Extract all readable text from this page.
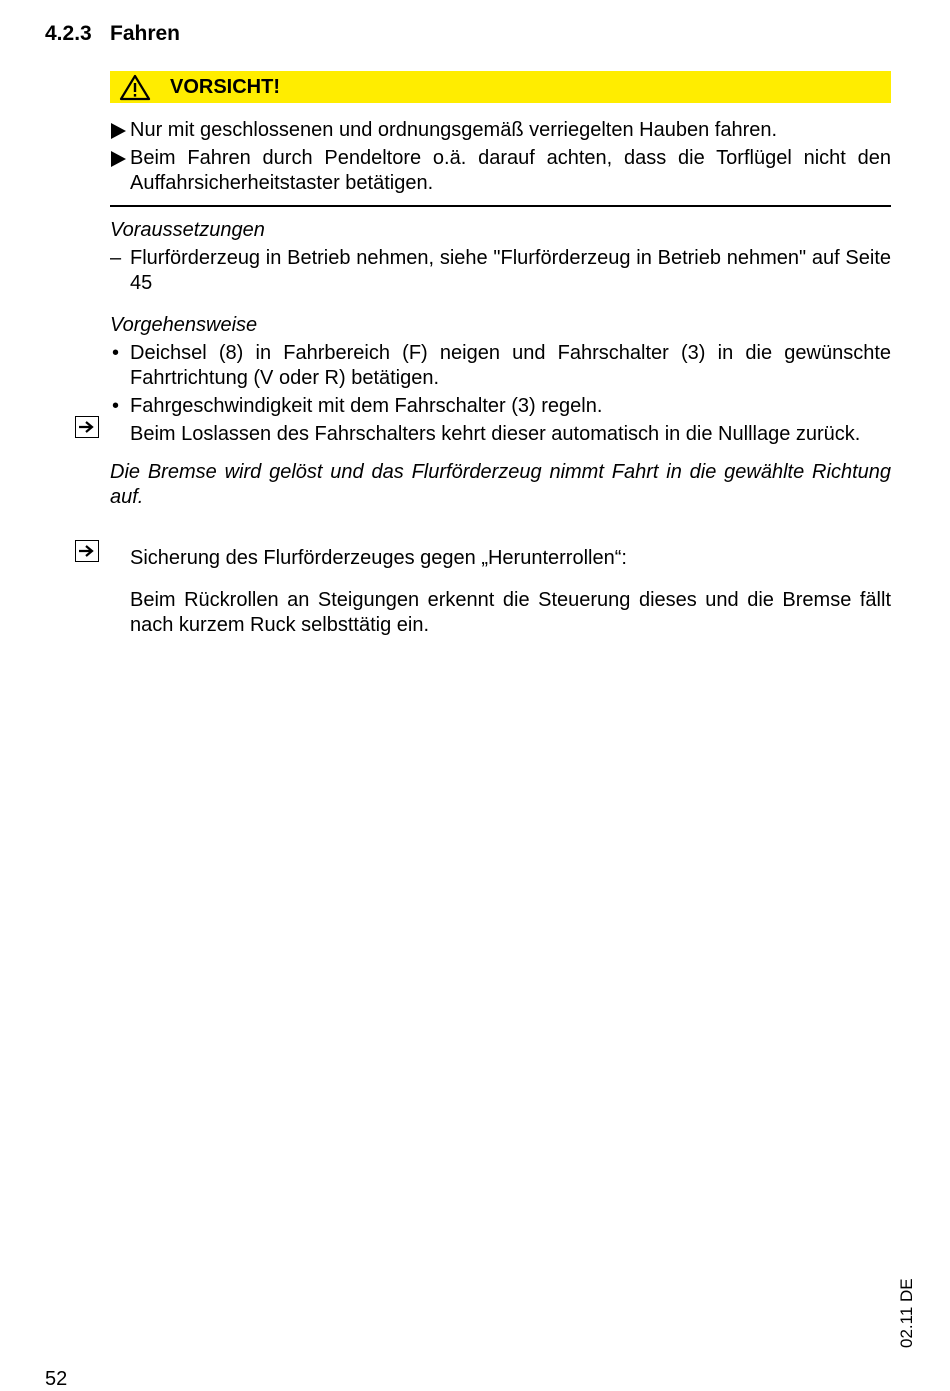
4.2.3 Fahren
VORSICHT!
Nur mit geschlossenen und ordnungsgemäß verriegelten Hauben fahren.
Beim Fahren durch Pendeltore o.ä. darauf achten, dass die Torflügel nicht den Auffahrsicherheitstaster betätigen.
Voraussetzungen
– Flurförderzeug in Betrieb nehmen, siehe "Flurförderzeug in Betrieb nehmen" auf Seite 45
Vorgehensweise
• Deichsel (8) in Fahrbereich (F) neigen und Fahrschalter (3) in die gewünschte Fahrtrichtung (V oder R) betätigen.
• Fahrgeschwindigkeit mit dem Fahrschalter (3) regeln.
Beim Loslassen des Fahrschalters kehrt dieser automatisch in die Nulllage zurück.
Die Bremse wird gelöst und das Flurförderzeug nimmt Fahrt in die gewählte Richtung auf.
Sicherung des Flurförderzeuges gegen „Herunterrollen“:
Beim Rückrollen an Steigungen erkennt die Steuerung dieses und die Bremse fällt nach kurzem Ruck selbsttätig ein.
52
02.11 DE
